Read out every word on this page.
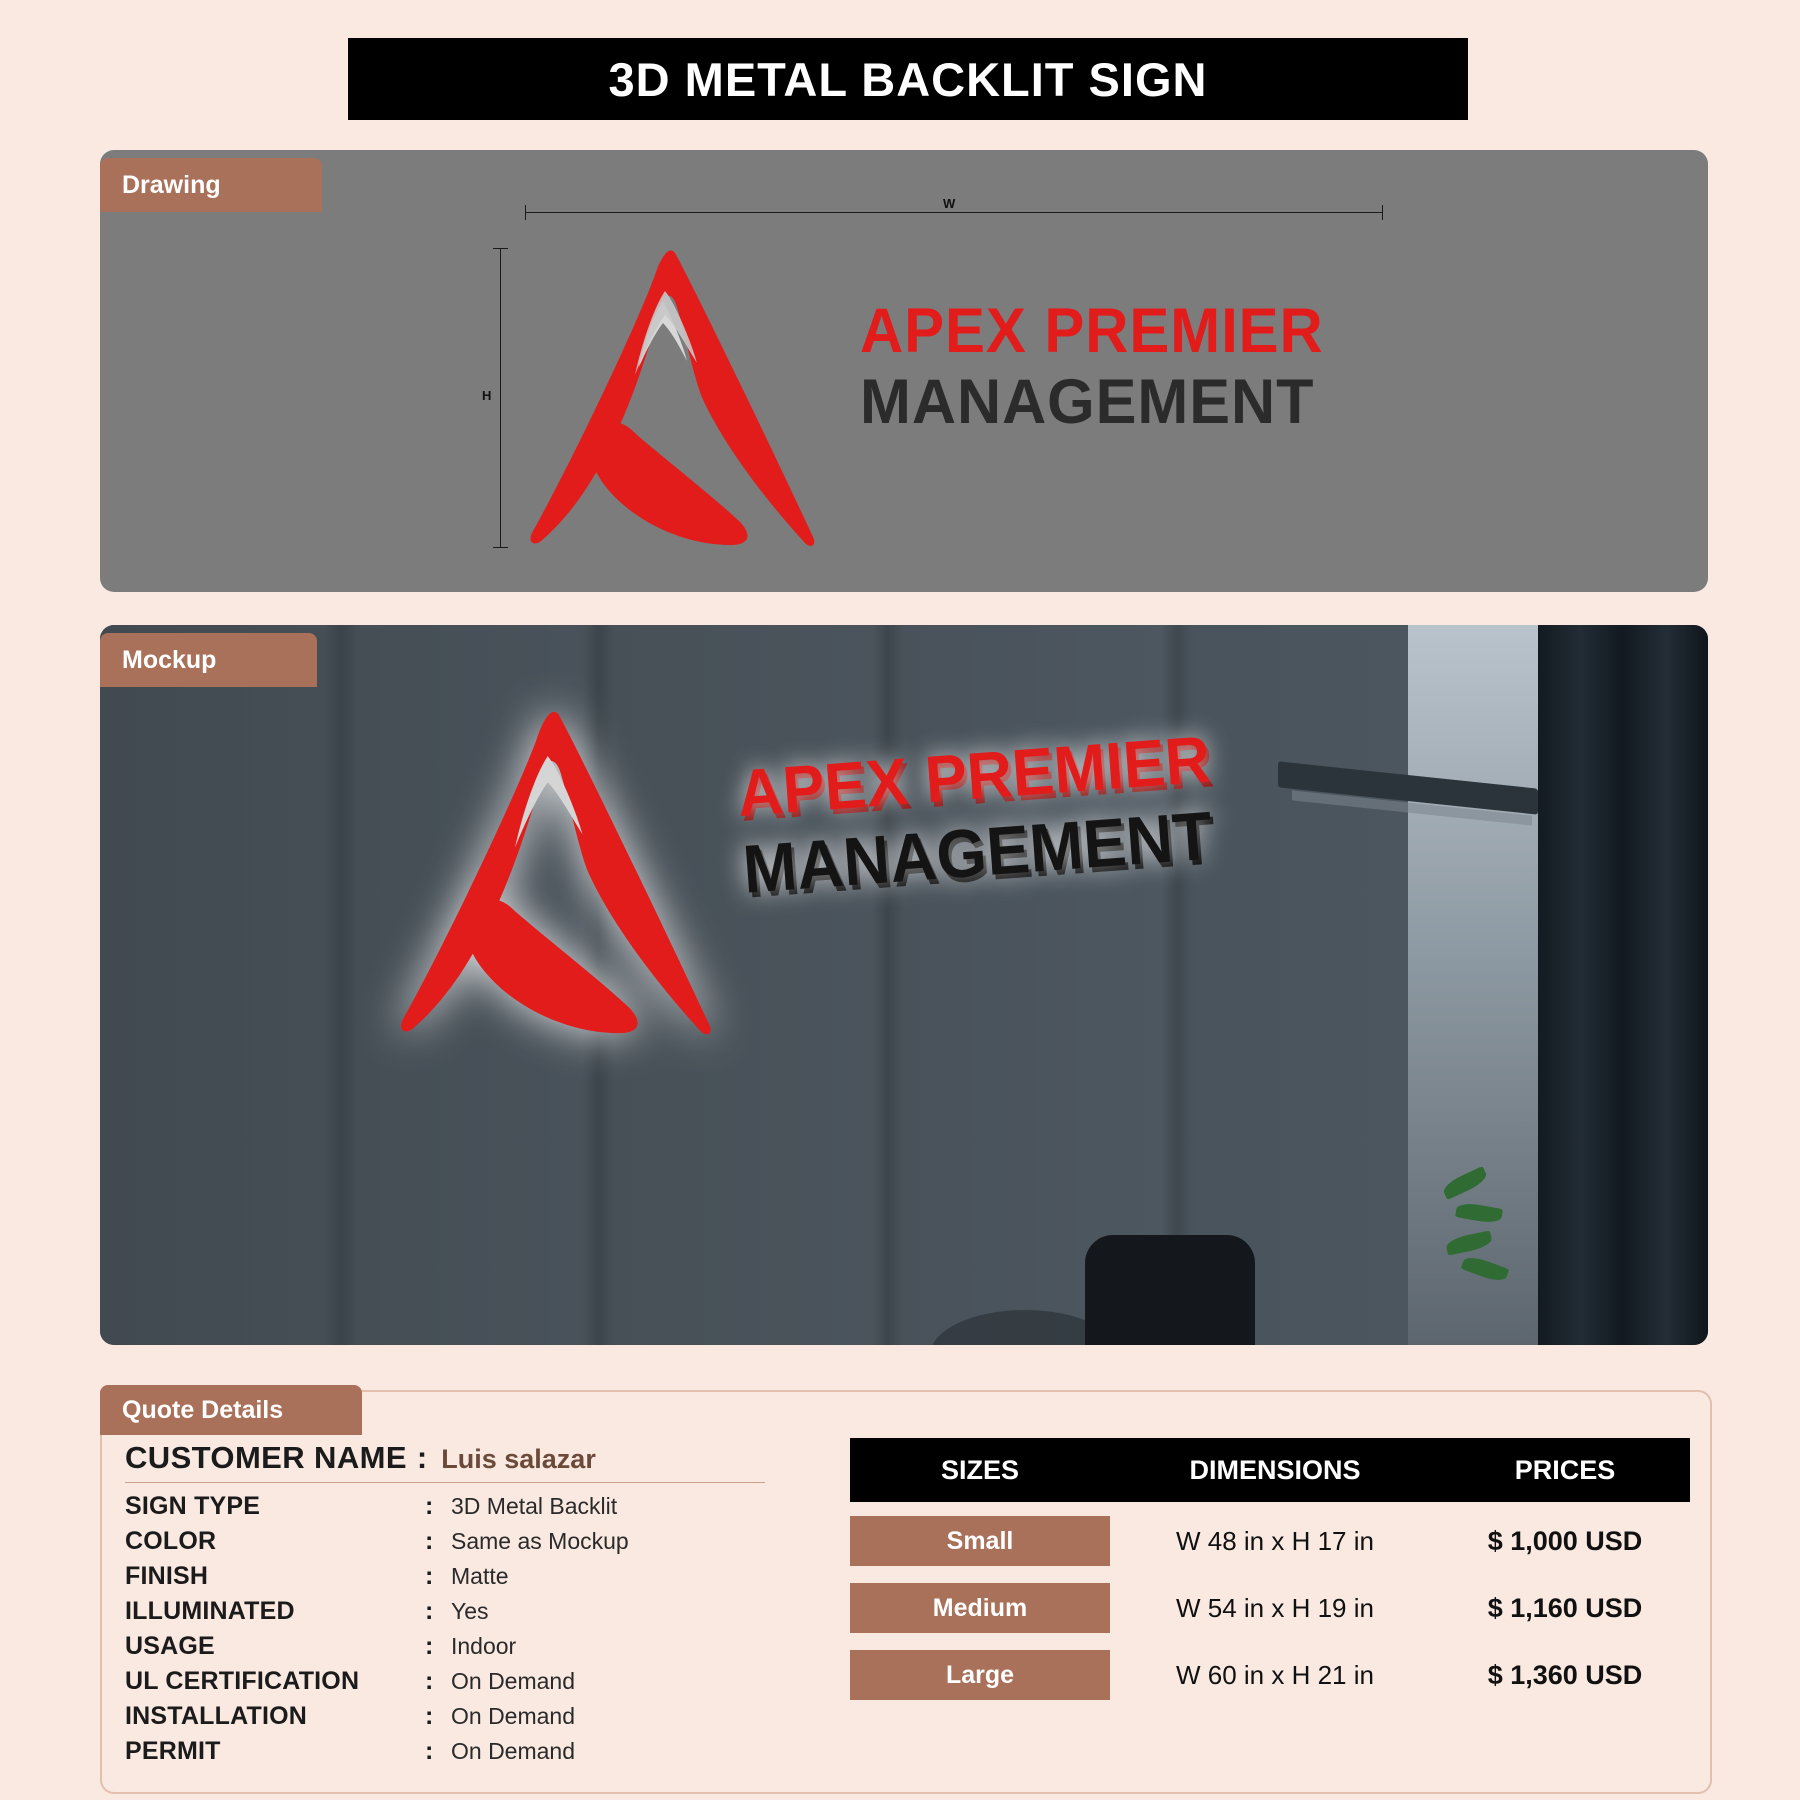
3D METAL BACKLIT SIGN
Drawing
W
H
APEX PREMIER
MANAGEMENT
Mockup
APEX PREMIER
MANAGEMENT
Quote Details
CUSTOMER NAME : Luis salazar
SIGN TYPE	: 3D Metal Backlit
COLOR	: Same as Mockup
FINISH	: Matte
ILLUMINATED	: Yes
USAGE	: Indoor
UL CERTIFICATION	: On Demand
INSTALLATION	: On Demand
PERMIT	: On Demand
SIZES	DIMENSIONS	PRICES
Small	W 48 in x H 17 in	$ 1,000 USD
Medium	W 54 in x H 19 in	$ 1,160 USD
Large	W 60 in x H 21 in	$ 1,360 USD
